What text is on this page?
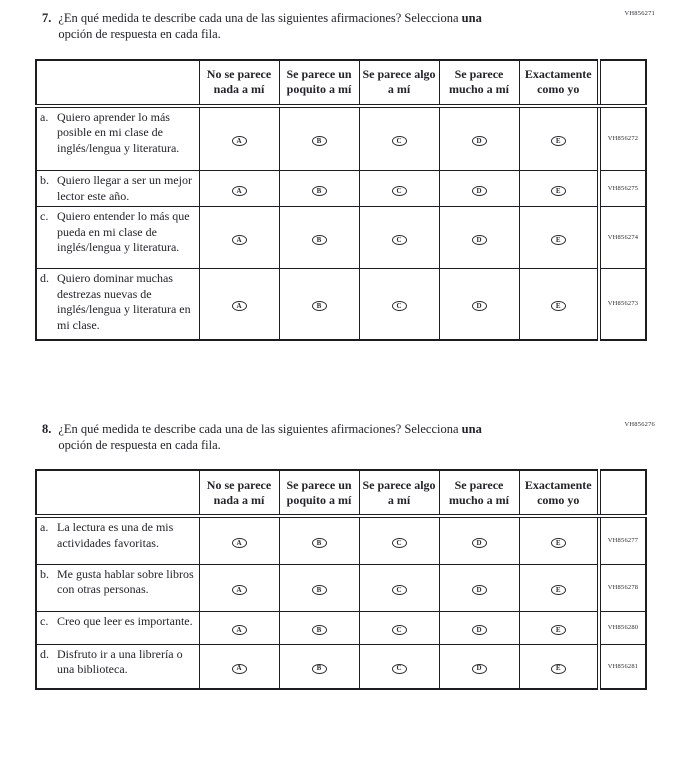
VH856271
7. ¿En qué medida te describe cada una de las siguientes afirmaciones? Selecciona una
opción de respuesta en cada fila.
	No se parece nada a mí	Se parece un poquito a mí	Se parece algo a mí	Se parece mucho a mí	Exactamente como yo	

a. Quiero aprender lo más posible en mi clase de inglés/lengua y literatura.	A	B	C	D	E	VH856272

b. Quiero llegar a ser un mejor lector este año.	A	B	C	D	E	VH856275

c. Quiero entender lo más que pueda en mi clase de inglés/lengua y literatura.	A	B	C	D	E	VH856274

d. Quiero dominar muchas destrezas nuevas de inglés/lengua y literatura en mi clase.	A	B	C	D	E	VH856273
VH856276
8. ¿En qué medida te describe cada una de las siguientes afirmaciones? Selecciona una
opción de respuesta en cada fila.
	No se parece nada a mí	Se parece un poquito a mí	Se parece algo a mí	Se parece mucho a mí	Exactamente como yo	

a. La lectura es una de mis actividades favoritas.	A	B	C	D	E	VH856277

b. Me gusta hablar sobre libros con otras personas.	A	B	C	D	E	VH856278

c. Creo que leer es importante.	A	B	C	D	E	VH856280

d. Disfruto ir a una librería o una biblioteca.	A	B	C	D	E	VH856281
